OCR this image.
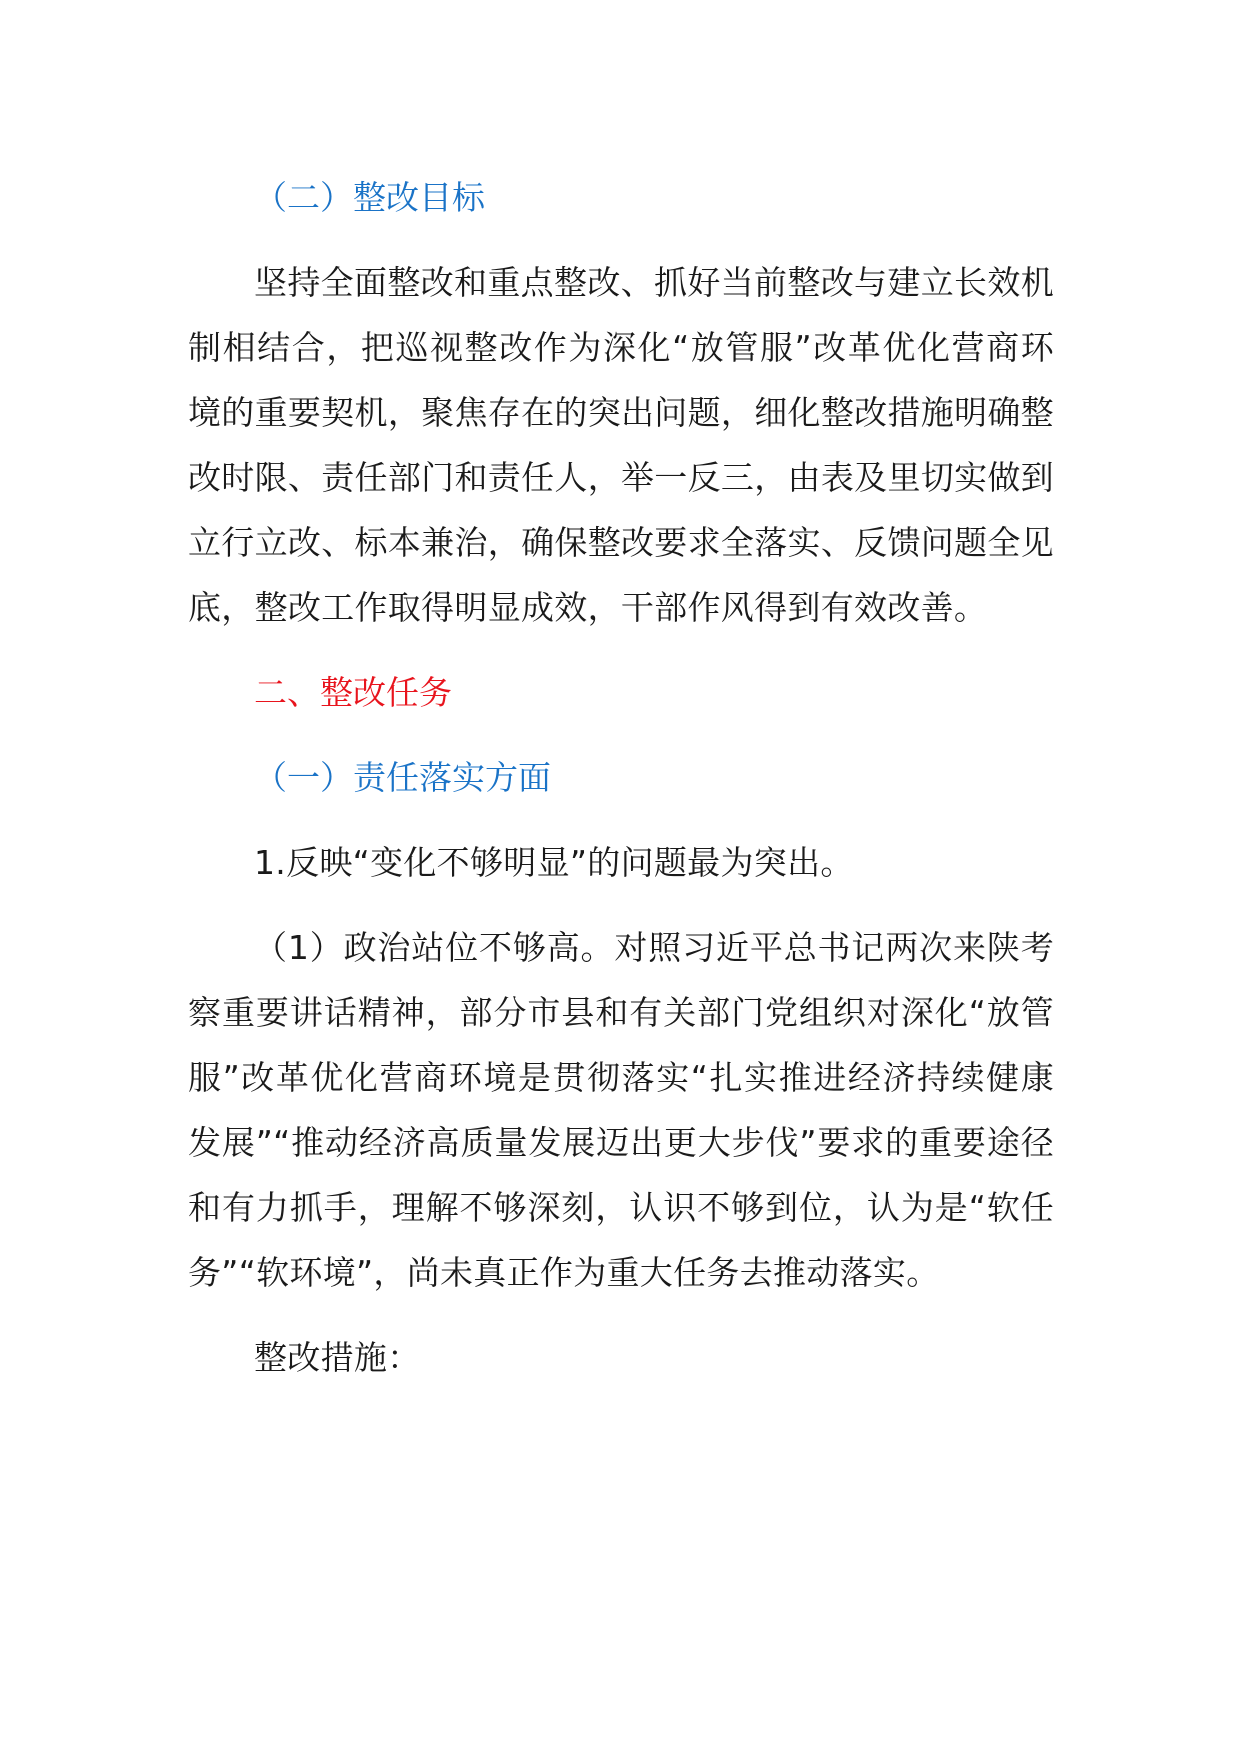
（二）整改目标
坚持全面整改和重点整改、抓好当前整改与建立长效机制相结合，把巡视整改作为深化“放管服”改革优化营商环境的重要契机，聚焦存在的突出问题，细化整改措施明确整改时限、责任部门和责任人，举一反三，由表及里切实做到立行立改、标本兼治，确保整改要求全落实、反馈问题全见底，整改工作取得明显成效，干部作风得到有效改善。
二、整改任务
（一）责任落实方面
1.反映“变化不够明显”的问题最为突出。
（1）政治站位不够高。对照习近平总书记两次来陕考察重要讲话精神，部分市县和有关部门党组织对深化“放管服”改革优化营商环境是贯彻落实“扎实推进经济持续健康发展”“推动经济高质量发展迈出更大步伐”要求的重要途径和有力抓手，理解不够深刻，认识不够到位，认为是“软任务”“软环境”，尚未真正作为重大任务去推动落实。
整改措施：
